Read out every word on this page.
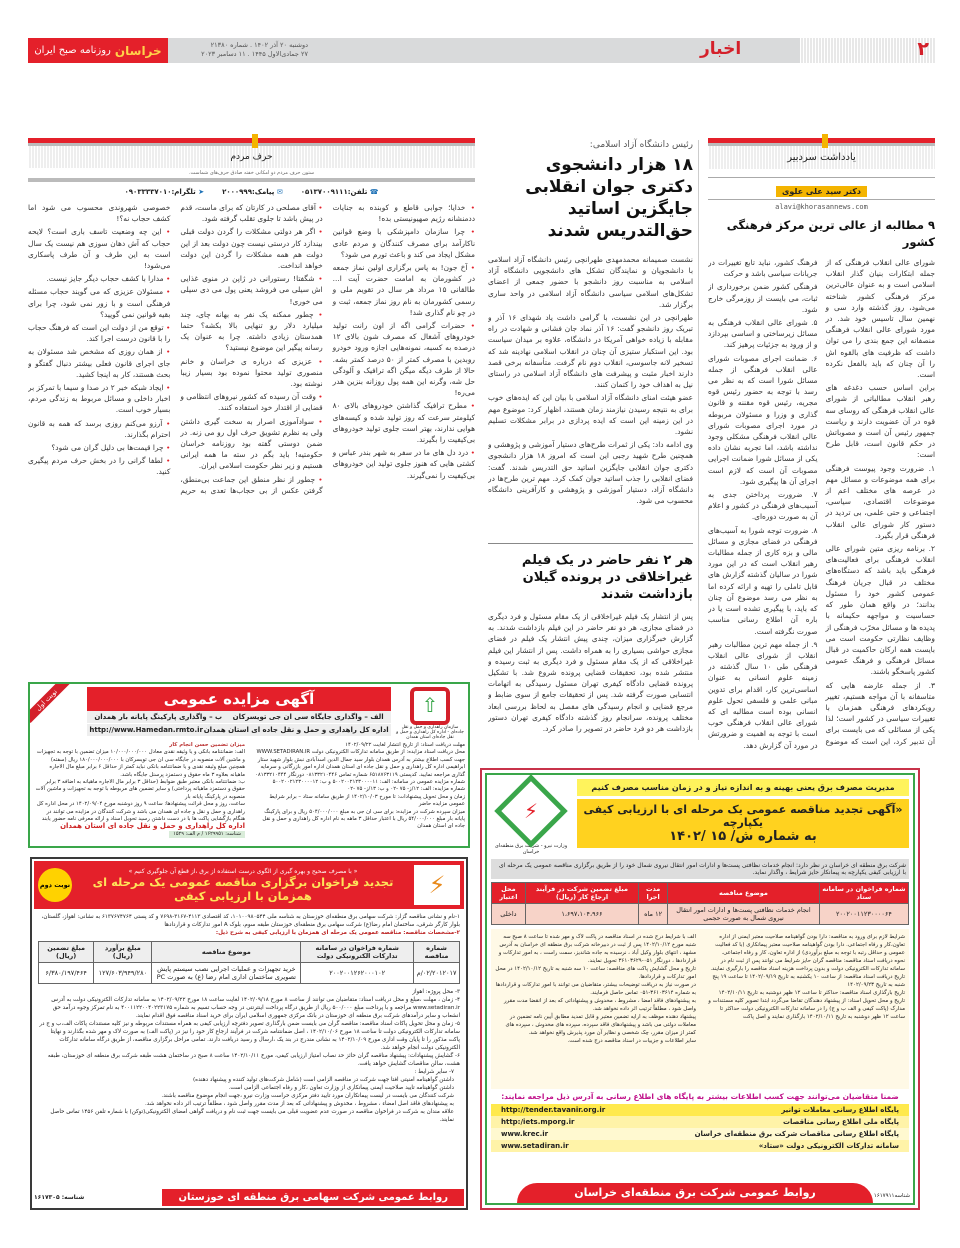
خراسان
روزنامه صبح ایران	دوشنبه ۲۰ آذر ۱۴۰۲ . شماره ۲۱۳۸۰
۲۷ جمادی‌الاول ۱۴۴۵ . ۱۱ دسامبر ۲۰۲۳	اخبار	۲
یادداشت سردبیر
دکتر سید علی علوی
alavi@khorasannews.com
۹ مطالبه از عالی ترین مرکز فرهنگی کشور

شورای عالی انقلاب فرهنگی که از جمله ابتکارات بنیان گذار انقلاب اسلامی است و به عنوان عالی‌ترین مرکز فرهنگی کشور شناخته می‌شود، روز گذشته وارد سی و نهمین سال تاسیس خود شد. در مورد شورای عالی انقلاب فرهنگی منصفانه این جمع بندی را می توان داشت که ظرفیت های بالقوه اش را آن چنان که باید بالفعل نکرده است.

براین اساس حسب دغدغه های رهبر انقلاب مطالباتی از شورای عالی انقلاب فرهنگی که روسای سه قوه در آن عضویت دارند و ریاست جمهور رئیس آن است و مصوباتش در حکم قانون است، قابل طرح است:

۱. ضرورت وجود پیوست فرهنگی برای همه موضوعات و مسائل مهم در عرصه های مختلف اعم از موضوعات اقتصادی، سیاسی، اجتماعی و حتی علمی، بی تردید در دستور کار شورای عالی انقلاب فرهنگی قرار بگیرد.

۲. برنامه ریزی متین شورای عالی انقلاب فرهنگی برای فعالیت‌های فرهنگی باید باشد که دستگاه‌های مختلف در قبال جریان فرهنگ عمومی کشور خود را مسئول بدانند؛ در واقع همان طور که حساسیت و مواجهه حکیمانه با پدیده ها و مسائل مخرّب فرهنگی از وظایف نظارتی حکومت است می بایست همه ارکان حاکمیت در قبال مسائل فرهنگی و فرهنگ عمومی کشور پاسخگو باشند.

۳. از جمله عارضه هایی که متاسفانه با آن مواجه هستیم، تغییر رویکردهای فرهنگی همزمان با تغییرات سیاسی در کشور است؛ لذا یکی از مسائلی که می بایست برای آن تدبیر کرد، این است که موضوع فرهنگ کشور، نباید تابع تغییرات در جریانات سیاسی باشد و حرکت

فرهنگی کشور ضمن برخورداری از ثبات، می بایست از روزمرگی خارج شود.

۵. شورای عالی انقلاب فرهنگی به مسائل زیرساختی و اساسی بپردازد و از ورود به جزئیات پرهیز کند.

۶. ضمانت اجرای مصوبات شورای عالی انقلاب فرهنگی از جمله مسائل شورا است که به نظر می رسد با توجه به حضور رئیس قوه مجریه، رئیس قوه مقننه و قانون گذاری و وزرا و مسئولان مربوطه در مورد اجرای مصوبات شورای عالی انقلاب فرهنگی مشکلی وجود نداشته باشد، اما تجربه نشان داده یکی از مسائل شورا ضمانت اجرایی مصوبات آن است که لازم است اجرای آن ها پیگیری شود.

۷. ضرورت پرداختن جدی به آسیب‌های فرهنگی در کشور و اعلام آن به صورت دوره‌ای.

۸. ضرورت توجه شورا به آسیب‌های فرهنگی در فضای مجازی و مسائل مالی و بزه کاری از جمله مطالبات رهبر انقلاب است که در این مورد شورا در سالیان گذشته گزارش های قابل تاملی را تهیه و ارائه کرده اما به نظر می رسد موضوع آن چنان که باید، با پیگیری تشده است یا در باره آن اطلاع رسانی مناسب صورت نگرفته است.

۹. از جمله مهم ترین مطالبات رهبر انقلاب از شورای عالی انقلاب فرهنگی طی ۱۰ سال گذشته در زمینه علوم انسانی به عنوان اساسی‌ترین کار، اقدام برای تدوین مبانی علمی و فلسفی تحول علوم انسانی بوده است مطالبه ای که شورای عالی انقلاب فرهنگی خوب است با توجه به اهمیت و ضرورتش در مورد آن گزارش دهد.

رئیس دانشگاه آزاد اسلامی:
۱۸ هزار دانشجوی دکتری جوان انقلابی جایگزین اساتید حق‌التدریس شدند

نشست صمیمانه محمدمهدی طهرانچی رئیس دانشگاه آزاد اسلامی با دانشجویان و نمایندگان تشکل های دانشجویی دانشگاه آزاد اسلامی به مناسبت روز دانشجو با حضور جمعی از اعضای تشکل‌های اسلامی سیاسی دانشگاه آزاد اسلامی در واحد ساری برگزار شد.

طهرانچی در این نشست، با گرامی داشت یاد شهدای ۱۶ آذر و تبریک روز دانشجو گفت: ۱۶ آذر نماد جان فشانی و شهادت در راه مقابله با زیاده خواهی آمریکا در دانشگاه، علاوه بر میدان سیاست بود. این استکبار ستیزی آن چنان در انقلاب اسلامی نهادینه شد که تسخیر لانه جاسوسی، انقلاب دوم نام گرفت. متأسفانه برخی قصد دارند اخبار مثبت و پیشرفت های دانشگاه آزاد اسلامی در راستای نیل به اهداف خود را کتمان کنند.

عضو هیئت امنای دانشگاه آزاد اسلامی با بیان این که ایده‌های خوب برای به نتیجه رسیدن نیازمند زمان هستند، اظهار کرد: موضوع مهم در این زمینه این است که ایده پردازی در برابر مشکلات تسلیم نشود.

وی ادامه داد: یکی از ثمرات طرح‌های دستیار آموزشی و پژوهشی و همچنین طرح شهید رجبی این است که امروز ۱۸ هزار دانشجوی دکتری جوان انقلابی جایگزین اساتید حق التدریس شدند. گفت: فضای انقلابی را جذب اساتید جوان کمک کرد. مهم ترین طرح‌ها در دانشگاه آزاد، دستیار آموزشی و پژوهشی و کارآفرینی دانشگاه محسوب می شود.

هر ۲ نفر حاضر در یک فیلم غیراخلاقی در پرونده گیلان بازداشت شدند

پس از انتشار یک فیلم غیراخلاقی از یک مقام مسئول و فرد دیگری در فضای مجازی، هر دو نفر حاضر در این فیلم بازداشت شدند. به گزارش خبرگزاری میزان، چندی پیش انتشار یک فیلم در فضای مجازی حواشی بسیاری را به همراه داشت. پس از انتشار این فیلم غیراخلاقی که از یک مقام مسئول و فرد دیگری به ثبت رسیده و منتشر شده بود، تحقیقات قضایی پرونده شروع شد. با تشکیل پرونده قضایی دادگاه کیفری تهران مسئول رسیدگی به اتهامات انتسابی صورت گرفته شد. پس از تحقیقات جامع از سوی ضابط و مرجع قضایی و انجام رسیدگی های مفصل به لحاظ بررسی ابعاد مختلف پرونده، سرانجام روز گذشته دادگاه کیفری تهران دستور بازداشت هر دو فرد حاضر در تصویر را صادر کرد.

حرف مردم
ستون حرف مردم دو امکانی خفته صادق حرف‌های شماست.
☎ تلفن:۰۵۱۳۷۰۰۹۱۱۱
✉ پیامک:۲۰۰۰۹۹۹
➤ تلگرام:۰۹۰۳۳۳۳۷۰۱۰

• خدایا؛ جوابی قاطع و کوبنده به جنایات ددمنشانه رژیم صهیونیستی بده!

• چرا سازمان دامپزشکی با وضع قوانین ناکارآمد برای مصرف کنندگان و مردم عادی مشکل ایجاد می کند و باعث تورم می شود؟

• آخ جون! به پاس برگزاری اولین نماز جمعه در کشورمان به امامت حضرت آیت ا... طالقانی ۱۵ مرداد هر سال در تقویم ملی و رسمی کشورمان به نام روز نماز جمعه، ثبت و در چو نام گذاری شد!

• حضرات گرامی اگه از اون رانت تولید خودروهای آشغال که مصرف شون بالای ۱۲ درصده به کسبه، نمونه‌هایی اجازه ورود خودرو روبدین با مصرف کمتر از ۵۰ درصد کمتر بشه. حالا از طرف دیگه میگن اگه ترافیک و آلودگی حل شه، وگرنه این همه پول روزانه بنزین هدر می‌ره!

• مطرح ترافیک گذاشتن خودروهای بالای ۸۰ کیلومتر سرعت که روز تولید شده و کیسه‌های هوایی ندارند، بهتر است جلوی تولید خودروهای بی‌کیفیت را بگیرند.

• درد دل های ما در سفر به شهر بندر عباس و کشتی هایی که هنوز جلوی تولید این خودروهای بی‌کیفیت را نمی‌گیرند.

• آقای مصلحی در کارتان که برای ماست، قدم در پیش باشد تا جلوی تقلب گرفته شود.

• اگر هر دولتی مشکلات را گردن دولت قبلی بیندازد کار درستی نیست چون دولت بعد از این دولت هم همه مشکلات را گردن این دولت خواهد انداخت.

• شگفتا! رستورانی در ژاپن در منوی غذایی اش سیلی می فروشد یعنی پول می دی سیلی می خوری!

• چطور ممکنه یک نفر به بهانه چای، چند میلیارد دلار رو تنهایی بالا بکشه؟ حتما همدستان زیادی داشته. چرا به عنوان یک رسانه پیگیر این موضوع نیستید؟

• عزیزی که درباره ی خراسان و خانم منصوری تولید محتوا نموده بود بسیار زیبا نوشته بود.

• وقت آن رسیده که کشور نیروهای انتظامی و قضایی از اقتدار خود استفاده کنند.

• سوادآموزی اصرار به سخت گیری داشتن ولی به نظرم تشویق حرف اول رو می زنه. در ضمن دوستی گفته بود روزنامه خراسان حکومتیه! باید بگم در سته ما همه ایرانی هستیم و زیر نظر حکومت اسلامی ایران.

• چطور از نظر منطق این جماعت بی‌منطق، گرفتن عکس از بی حجاب‌ها تعدی به حریم خصوصی شهروندی محسوب می شود اما کشف حجاب نه؟!

• این چه وضعیت تاسف باری است؟ لایحه حجاب که آش دهان سوزی هم نیست یک سال است به این طرف و آن طرف پاسکاری می‌شود!

• مدارا با کشف حجاب دیگر جایز نیست.

• مسئولان عزیزی که می گویند حجاب مسئله فرهنگی است و با زور نمی شود، چرا برای بقیه قوانین نمی گویید؟

• توقع من از دولت این است که فرهنگ حجاب را با قانون درست اجرا کند.

• از همان روزی که مشخص شد مسئولان به جای اجرای قانون فعلی بیشتر دنبال گفتگو و بحث هستند، کار به اینجا کشید.

• ایجاد شبکه خبر ۲ در صدا و سیما با تمرکز بر اخبار داخلی و مسائل مربوط به زندگی مردم، بسیار خوب است.

• آرزو می‌کنم روزی برسد که همه به قانون احترام بگذارند.

• چرا قیمت‌ها بی دلیل گران می شود؟

• لطفا گرانی را در بخش حرف مردم پیگیری کنید.

⇧
سازمان راهداری و حمل و نقل جاده‌ای - اداره کل راهداری و حمل و نقل جاده‌ای استان همدان
آگهی مزایده عمومی
الف – واگذاری جایگاه سی ان جی تویسرکان
ب – واگذاری پارکینگ پایانه بار همدان
اداره کل راهداری و حمل و نقل جاده ای استان همدان
http://www.Hamedan.rmto.ir
نوبت اول
مهلت دریافت اسناد: از تاریخ انتشار لغایت ۱۴۰۲/۰۹/۲۲
محل دریافت اسناد مزایده: از طریق سامانه تدارکات الکترونیکی دولت WWW.SETADIRAN.IR جهت کسب اطلاع بیشتر به آدرس همدان بلوار سید جمال الدین اسدآبادی نبش بلوار شهید ستار ابراهیمی اداره کل راهداری و حمل و نقل جاده ای استان همدان اداره امور بازرگانی و سرمایه گذاری مراجعه نمایید. کدپستی ۶۵۱۸۷۶۳۱۱۹ شماره تماس ۰۸۱۳۳۲۱۰۴۴۶ دورنگار ۰۸۱۳۳۲۱۰۴۴۴
شماره مزایده عمومی در سامانه: الف: ۵۰۰۲۰۰۲۱۲۳۰۰۰۰۱۱ و ب: ۵۰۰۲۰۰۲۱۲۳۰۰۰۰۱۲
شماره مزایده: الف: ۱۲/ز- ۷۵ -۰۲ و ب: ۱۳/ز- ۷۵ -۰۲
زمان و محل تحویل پیشنهادات: تا مورخ ۱۴۰۲/۱۰/۰۳ از طریق سامانه ستاد – برابر شرایط عمومی مزایده حاضر
میزان سپرده شرکت در مزایده: برای سی ان جی به مبلغ ۵۰۴/۰۰۰/۰۰۰ ریال و برای پارکینگ پایانه بار مبلغ ۵۴/۰۰۰/۰۰۰ ریال با اعتبار حداقل ۳ ماهه به نام اداره کل راهداری و حمل و نقل جاده ای استان همدان
میزان تضمین حسن انجام کار
الف: ضمانتنامه بانکی و یا وثیقه نقدی معادل ۱۰/۰۰۰/۰۰۰/۰۰۰ میزان تضمین با توجه به تجهیزات و ماشین آلات منصوبه در جایگاه سی ان جی تویسرکان با ۱۸۰/۰۰۰/۰۰۰/۰۰۰ ریال (سفته) همچنین مبلغ وثیقه نقدی و یا ضمانتنامه بانکی نباید کمتر از حداقل ۶ برابر مبلغ مال الاجاره ماهیانه بعلاوه ۳ ماه حقوق و دستمزد پرسنل جایگاه باشد.
ب: ضمانتنامه بانکی معتبر طبق ضوابط (حداقل ۳ برابر مال الاجاره ماهیانه به اضافه ۳ برابر حقوق و دستمزد ماهیانه پرداختی) و سایر تضمین های مربوطه با توجه به تجهیزات و ماشین آلات منصوبه در پارکینگ پایانه بار
ساعت، روز و محل قرائت پیشنهادها: ساعت ۹ روز دوشنبه مورخ ۱۴۰۲/۰۹/۰۴ در محل اداره کل راهداری و حمل و نقل و جاده ای همدان می باشد و شرکت کنندگان در مزایده می توانند در هنگام بازگشایی پاکت ها با در دست داشتن رسید تحویل اسناد و ارائه معرفی نامه حضور یابند
اداره کل راهداری و حمل و نقل جاده ای استان همدان
شناسه: ۱۶۲۹۹۵۱ / م الف: ۱۵۲۹
⚡
« با مصرف صحیح و بهره گیری از الگوی درست استفاده از برق ،از قطع آن جلوگیری کنیم »
تجدید فراخوان برگزاری مناقصه عمومی یک مرحله ای همزمان با ارزیابی کیفی
نوبت دوم
۱-نام و نشانی مناقصه گزار: شرکت سهامی برق منطقه‌ای خوزستان به شناسه ملی ۱۰۱۰۰۹۸۰۵۴۴، کد اقتصادی ۴۱۱۳-۳۱۶۷-۷۶۹۸ و کد پستی ۶۱۳۷۶۷۴۷۶۴ به نشانی: اهواز، گلستان، بلوار کارگر شرقی، ساختمان امام رضا(ع) شرکت سهامی برق منطقه‌ای خوزستان طبقه سوم، بلوک A امور تدارکات و قراردادها
۲-مشخصات مناقصه: مناقصه عمومی یک مرحله ای همزمان با ارزیابی کیفی به شرح ذیل:
شماره مناقصه	شماره فراخوان در سامانه تدارکات الکترونیکی دولت	موضوع مناقصه	مبلغ برآورد (ریال)	مبلغ تضمین (ریال)
۰۲/۲۰۱۲۰۱۷/م	۲۰۰۲۰۰۱۲۶۲۰۰۰۱۰۲	خرید تجهیزات و عملیات اجرایی نصب سیستم پایش تصویری ساختمان اداری امام رضا (ع) به صورت PC	۱۲۷/۶۰۳/۹۴۹/۲۸۰	۶/۳۸۰/۱۹۷/۴۶۴
۳- محل پروژه: اهواز
۴- زمان ، مهلت ،مبلغ و محل دریافت اسناد: متقاضیان می توانند از ساعت ۸ مورخ ۱۴۰۲/۰۹/۱۸ لغایت ساعت ۱۸ مورخ ۱۴۰۲/۰۹/۲۲ به سامانه تدارکات الکترونیکی دولت به آدرس www.setadiran.ir مراجعه و با پرداخت مبلغ ۵۰۰/۰۰۰ ریال از طریق درگاه پرداخت اینترنتی در وجه حساب تسیم به شماره ۴۰۰۱۱۲۲۰۰۴۰۲۲۳۱۷۵ به نام تمرکز وجوه درآمد حق انشعاب و سایر درآمدهای شرکت برق منطقه ای خوزستان در بانک مرکزی جمهوری اسلامی ایران برای خرید اسناد مناقصه فوق اقدام نمایند.
۵- زمان و محل تحویل پاکات اسناد مناقصه: مناقصه گران می بایست ضمن بارگذاری تصویر دفترچه ارزیابی کیفی به همراه مستندات مربوطه و نیز کلیه مستندات پاکات الف،ب و ج در سامانه تدارکات الکترونیکی دولت تا ساعت ۱۸ مورخ ۱۴۰۲/۱۰/۰۶ ، اصل ضمانتنامه شرکت در فرآیند ارجاع کار خود را نیز در (پاکت الف) به صورت لاک و مهر شده بگذارند و نهایتا پاکت مذکور را تا پایان وقت اداری مورخ ۱۴۰۲/۱۰/۰۹ به نشانی مندرج در بند یک ،ارسال و رسید دریافت دارند. تمامی مراحل برگزاری مناقصه، از طریق درگاه سامانه تدارکات الکترونیکی دولت انجام خواهد شد.
۶- گشایش پیشنهادات: پیشنهاد مناقصه گران حائز حد نصاب امتیاز ارزیابی کیفی، مورخ ۱۴۰۲/۱۰/۱۱ ساعت ۸ صبح در ساختمان هشت طبقه شرکت برق منطقه ای خوزستان، طبقه هشت، سالن مناقصات گشایش خواهد یافت.
۷- سایر شرایط :
داشتن گواهینامه امنیتی افتا جهت شرکت در مناقصه الزامی است (شامل شرکت‌های تولید کننده و پیشنهاد دهنده)
داشتن گواهینامه تایید صلاحیت ایمنی پیمانکاری از وزارت تعاون ،کار و رفاه اجتماعی الزامی است.
شرکت کنندگان می بایست در لیست پیمانکاران مورد تایید دفتر مرکزی حراست وزارت نیرو ،جهت انجام موضوع مناقصه باشند.
به پیشنهادهای فاقد اصل امضاء ، مشروط ، مخدوش و پیشنهاداتی که بعد از مدت مقرر واصل شود ، مطلقاً ترتیب اثر داده نخواهد شد.
علاقه مندان به شرکت در فراخوان مناقصه در صورت عدم عضویت قبلی می بایست جهت ثبت نام و دریافت گواهی امضای الکترونیکی(توکن) با شماره تلفن ۱۴۵۶ تماس حاصل نمایند.
روابط عمومی شرکت سهامی برق منطقه ای خوزستان
شناسه: ۱۶۱۷۳۰۵
مدیریت مصرف برق یعنی بهینه و به اندازه نیاز و در زمان مناسب مصرف کنیم
«آگهی تجدید مناقصه عمومی یک مرحله ای با ارزیابی کیفی یکپارچه
به شماره ش/ ۱۵ /۱۴۰۲
⚡
وزارت نیرو - شرکت برق منطقه‌ای خراسان
شرکت برق منطقه ای خراسان در نظر دارد: انجام خدمات نظافتی پست‌ها و ادارات امور انتقال نیروی شمال خود را از طریق برگزاری مناقصه عمومی یک مرحله ای با ارزیابی کیفی یکپارچه به پیمانکار حایز شرایط ، واگذار نماید.
شماره فراخوان در سامانه ستاد	موضوع مناقصه	مدت اجرا	مبلغ تضمین شرکت در فرآیند ارجاع کار (ریال)	محل اعتبار
۲۰۰۲۰۰۱۱۲۳۰۰۰۰۶۴	انجام خدمات نظافتی پست‌ها و ادارات امور انتقال نیروی شمال به صورت حجمی	۱۲ ماه	۱،۶۹۷،۱۰۴،۹۶۶	داخلی
شرایط لازم برای ورود به مناقصه: دارا بودن گواهینامه صلاحیت معتبر ایمنی از اداره تعاون،کار و رفاه اجتماعی. دارا بودن گواهینامه صلاحیت معتبر پیمانکاری (با کد فعالیت عمومی و حداقل رتبه با توجه به مبلغ برآوردی) از اداره تعاون، کار و رفاه اجتماعی.
نحوه دریافت اسناد مناقصه: مناقصه گران حایز شرایط می توانند پس از ثبت نام در سامانه تدارکات الکترونیکی دولت و بدون پرداخت هزینه اسناد مناقصه را بارگیری نمایند.
تاریخ دریافت اسناد مناقصه: از ساعت ۱۰ یکشنبه به تاریخ ۱۴۰۲/۰۹/۱۹ تا ساعت ۱۹ پنج شنبه به تاریخ ۱۴۰۲/۰۹/۲۳
تاریخ بارگذاری اسناد مناقصه: حداکثر تا ساعت ۱۲ ظهر دوشنبه به تاریخ ۱۴۰۲/۱۰/۱۱
تاریخ و محل تحویل اسناد: از پیشنهاد دهندگان تقاضا می‌گردد ابتدا تصویر کلیه مستندات و مدارک (پاکت کیفی و الف ب و ج) را در سامانه تدارکات الکترونیکی دولت حداکثر تا ساعت ۱۲ ظهر دوشنبه به تاریخ ۱۴۰۲/۱۰/۱۱ بارگذاری نمایند و اصل پاکت
الف با شرایط درج شده در اسناد مناقصه در پاکت لاک و مهر شده تا ساعت ۸ صبح سه شنبه مورخ ۱۴۰۲/۱۰/۱۲ پس از ثبت در دبیرخانه شرکت برق منطقه ای خراسان به آدرس مشهد ، انتهای بلوار وکیل آباد ، نرسیده به جاده شاندیز، سمت راست ، به امور تدارکات و قراردادها ، دورنگار ۰۵۱-۳۶۱۰۳۶۲۹ تحویل نمایند.
تاریخ و محل گشایش پاکت های مناقصه: ساعت ۱۰ سه شنبه به تاریخ ۱۴۰۲/۱۰/۱۲ در محل امور تدارکات و قراردادها.
در صورت نیاز به دریافت توضیحات بیشتر، متقاضیان می توانند با امور تدارکات و قراردادها به شماره ۳۶۱۰۳۶۱۴-۰۵۱ تماس حاصل فرمایند.
به پیشنهادهای فاقد امضا ، مشروط ، مخدوش و پیشنهاداتی که بعد از انقضا مدت مقرر واصل شود ، مطلقاً ترتیب اثر داده نخواهد شد.
پیشنهاد دهنده موظف به ارایه تضمین معتبر و قابل تمدید مطابق آیین نامه تضمین در معاملات دولتی می باشد و پیشنهادهای فاقد سپرده، سپرده های مخدوش ، سپرده های کمتر از میزان مقرر، چک شخصی و نظایر آن مورد پذیرش واقع نخواهد شد.
سایر اطلاعات و جزییات در اسناد مناقصه درج شده است.
ضمنا متقاضیان می‌توانند جهت کسب اطلاعات بیشتر به پایگاه های اطلاع رسانی به آدرس ذیل مراجعه نمایند:
پایگاه اطلاع رسانی معاملات توانیر
http://tender.tavanir.org.ir
پایگاه ملی اطلاع رسانی مناقصات
http:/iets.mporg.ir
پایگاه اطلاع رسانی مناقصات شرکت برق منطقه‌ای خراسان
www.krec.ir
سامانه تدارکات الکترونیکی دولت «ستاد»
www.setadiran.ir
روابط عمومی شرکت برق منطقه‌ای خراسان	شناسه۱۶۱۷۹۱۱
